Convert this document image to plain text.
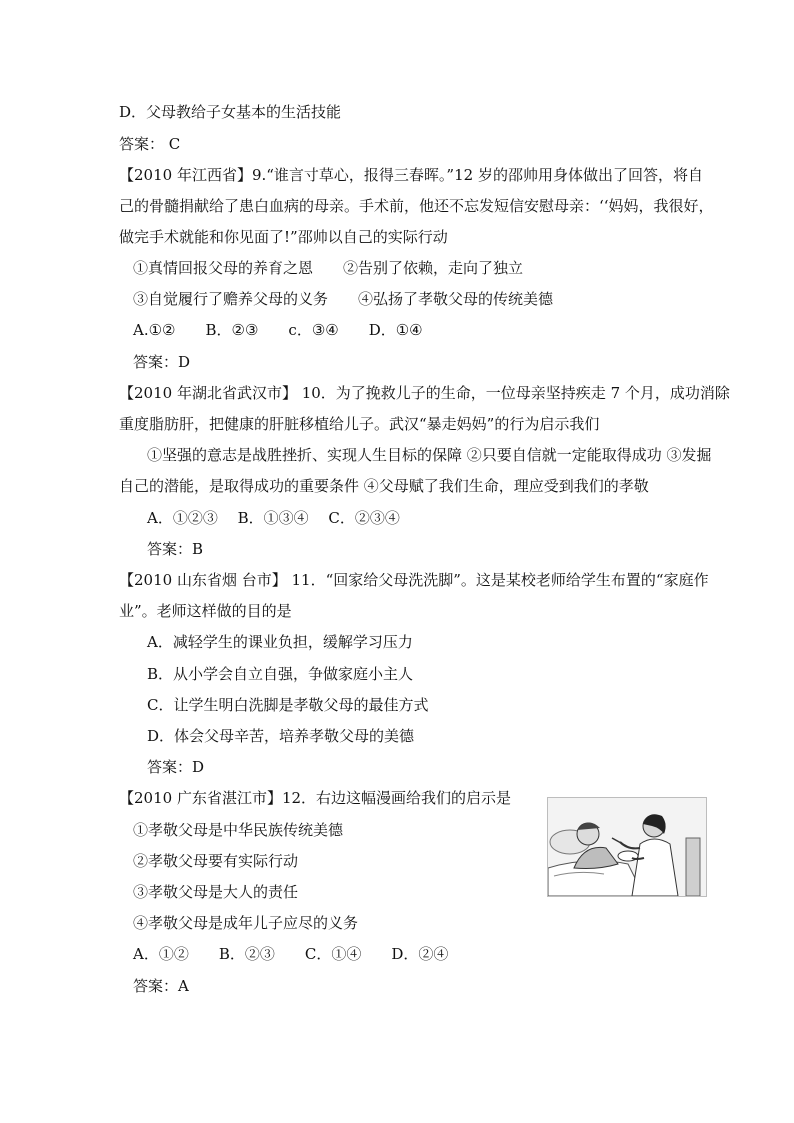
D．父母教给子女基本的生活技能
答案： C
【2010 年江西省】9.“谁言寸草心，报得三春晖。”12 岁的邵帅用身体做出了回答，将自
己的骨髓捐献给了患白血病的母亲。手术前，他还不忘发短信安慰母亲：‘‘妈妈，我很好，
做完手术就能和你见面了!”邵帅以自己的实际行动
①真情回报父母的养育之恩　　②告别了依赖，走向了独立
③自觉履行了赡养父母的义务　　④弘扬了孝敬父母的传统美德
A.①②　　B．②③　　c．③④　　D．①④
答案：D
【2010 年湖北省武汉市】 10．为了挽救儿子的生命，一位母亲坚持疾走 7 个月，成功消除
重度脂肪肝，把健康的肝脏移植给儿子。武汉“暴走妈妈”的行为启示我们
①坚强的意志是战胜挫折、实现人生目标的保障 ②只要自信就一定能取得成功 ③发掘
自己的潜能，是取得成功的重要条件 ④父母赋了我们生命，理应受到我们的孝敬
A．①②③　 B．①③④　 C．②③④
答案：B
【2010 山东省烟 台市】 11．“回家给父母洗洗脚”。这是某校老师给学生布置的“家庭作
业”。老师这样做的目的是
A．减轻学生的课业负担，缓解学习压力
B．从小学会自立自强，争做家庭小主人
C．让学生明白洗脚是孝敬父母的最佳方式
D．体会父母辛苦，培养孝敬父母的美德
答案：D
【2010 广东省湛江市】12．右边这幅漫画给我们的启示是
①孝敬父母是中华民族传统美德
②孝敬父母要有实际行动
③孝敬父母是大人的责任
④孝敬父母是成年儿子应尽的义务
A．①②　　B．②③　　C．①④　　D．②④
答案：A
